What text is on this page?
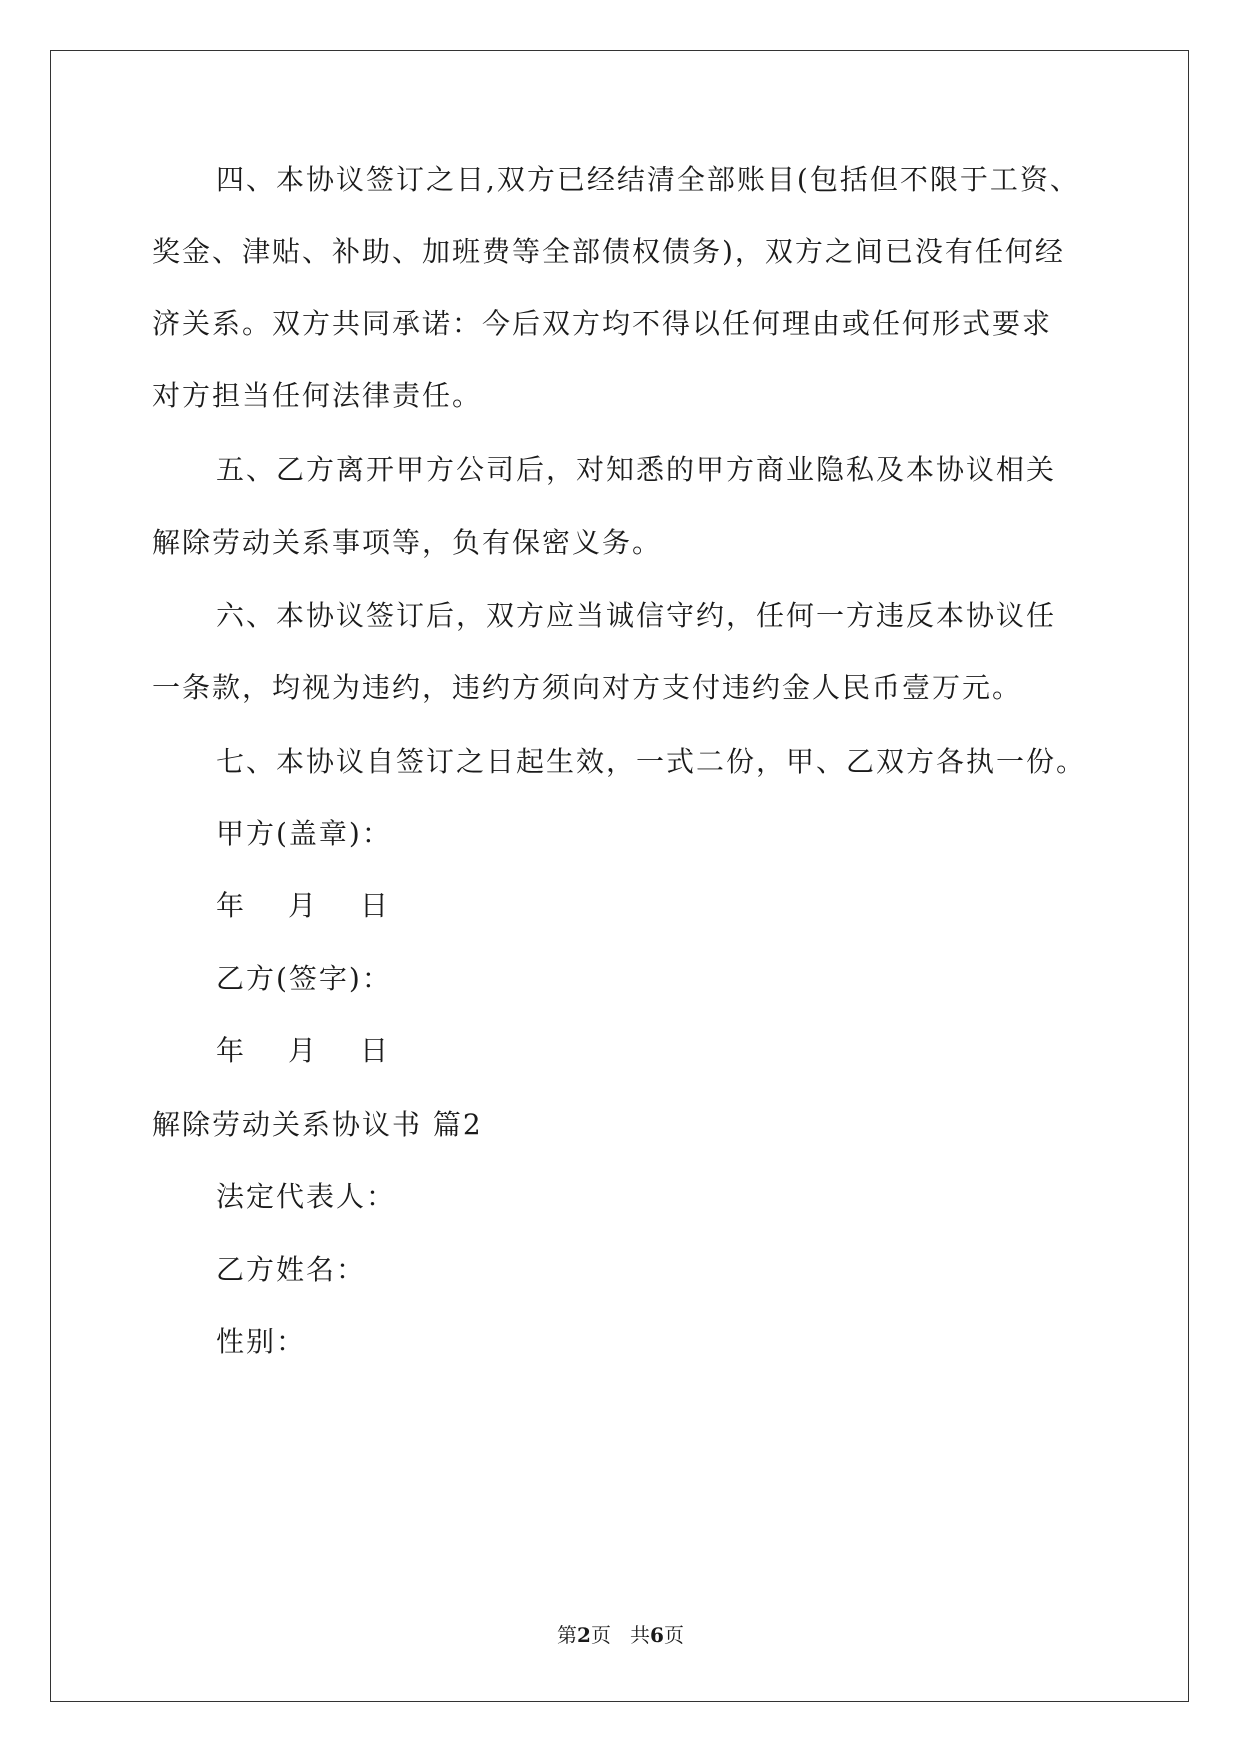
四、本协议签订之日,双方已经结清全部账目(包括但不限于工资、
奖金、津贴、补助、加班费等全部债权债务)，双方之间已没有任何经
济关系。双方共同承诺：今后双方均不得以任何理由或任何形式要求
对方担当任何法律责任。
五、乙方离开甲方公司后，对知悉的甲方商业隐私及本协议相关
解除劳动关系事项等，负有保密义务。
六、本协议签订后，双方应当诚信守约，任何一方违反本协议任
一条款，均视为违约，违约方须向对方支付违约金人民币壹万元。
七、本协议自签订之日起生效，一式二份，甲、乙双方各执一份。
甲方(盖章)：
年 月 日
乙方(签字)：
年 月 日
解除劳动关系协议书 篇2
法定代表人：
乙方姓名：
性别：
第2页 共6页
